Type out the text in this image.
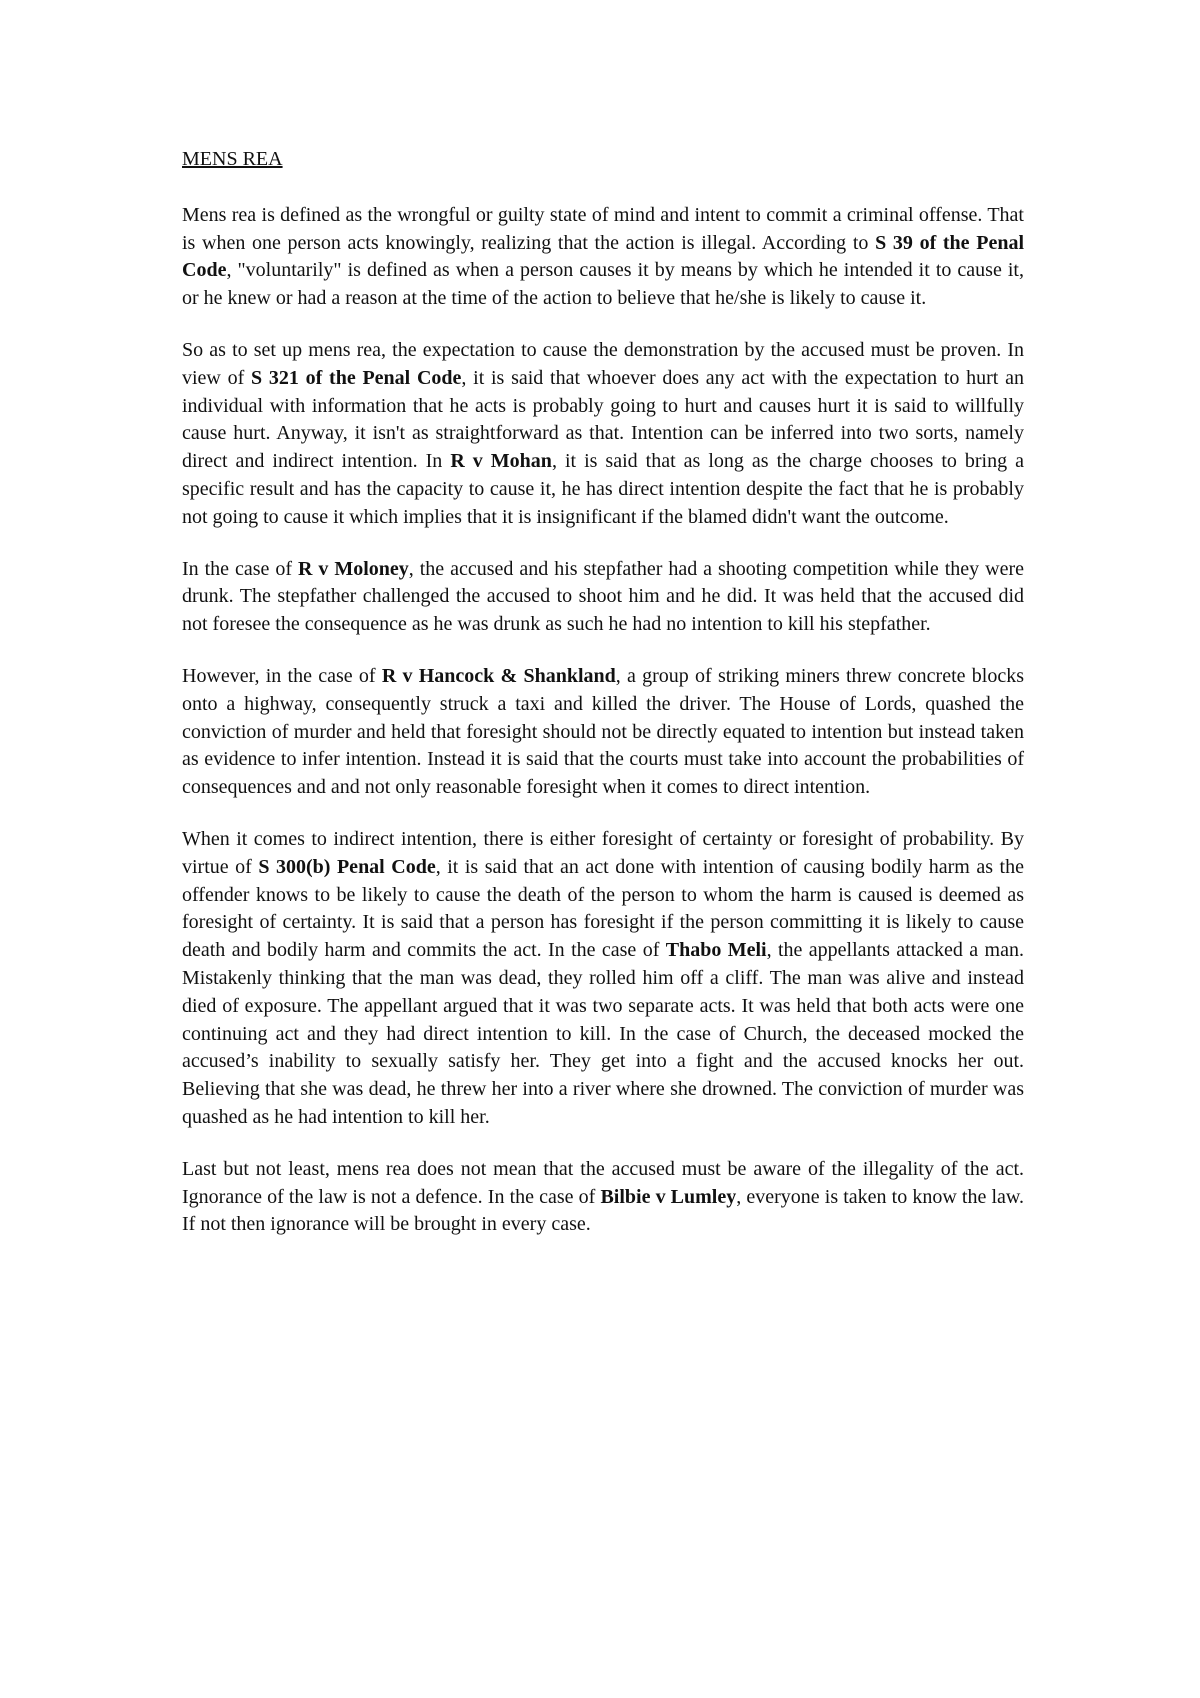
MENS REA

Mens rea is defined as the wrongful or guilty state of mind and intent to commit a criminal offense. That is when one person acts knowingly, realizing that the action is illegal. According to S 39 of the Penal Code, "voluntarily" is defined as when a person causes it by means by which he intended it to cause it, or he knew or had a reason at the time of the action to believe that he/she is likely to cause it.

So as to set up mens rea, the expectation to cause the demonstration by the accused must be proven. In view of S 321 of the Penal Code, it is said that whoever does any act with the expectation to hurt an individual with information that he acts is probably going to hurt and causes hurt it is said to willfully cause hurt. Anyway, it isn't as straightforward as that. Intention can be inferred into two sorts, namely direct and indirect intention. In R v Mohan, it is said that as long as the charge chooses to bring a specific result and has the capacity to cause it, he has direct intention despite the fact that he is probably not going to cause it which implies that it is insignificant if the blamed didn't want the outcome.

In the case of R v Moloney, the accused and his stepfather had a shooting competition while they were drunk. The stepfather challenged the accused to shoot him and he did. It was held that the accused did not foresee the consequence as he was drunk as such he had no intention to kill his stepfather.

However, in the case of R v Hancock & Shankland, a group of striking miners threw concrete blocks onto a highway, consequently struck a taxi and killed the driver. The House of Lords, quashed the conviction of murder and held that foresight should not be directly equated to intention but instead taken as evidence to infer intention. Instead it is said that the courts must take into account the probabilities of consequences and and not only reasonable foresight when it comes to direct intention.

When it comes to indirect intention, there is either foresight of certainty or foresight of probability. By virtue of S 300(b) Penal Code, it is said that an act done with intention of causing bodily harm as the offender knows to be likely to cause the death of the person to whom the harm is caused is deemed as foresight of certainty. It is said that a person has foresight if the person committing it is likely to cause death and bodily harm and commits the act. In the case of Thabo Meli, the appellants attacked a man. Mistakenly thinking that the man was dead, they rolled him off a cliff. The man was alive and instead died of exposure. The appellant argued that it was two separate acts. It was held that both acts were one continuing act and they had direct intention to kill. In the case of Church, the deceased mocked the accused’s inability to sexually satisfy her. They get into a fight and the accused knocks her out. Believing that she was dead, he threw her into a river where she drowned. The conviction of murder was quashed as he had intention to kill her.

Last but not least, mens rea does not mean that the accused must be aware of the illegality of the act. Ignorance of the law is not a defence. In the case of Bilbie v Lumley, everyone is taken to know the law. If not then ignorance will be brought in every case.
